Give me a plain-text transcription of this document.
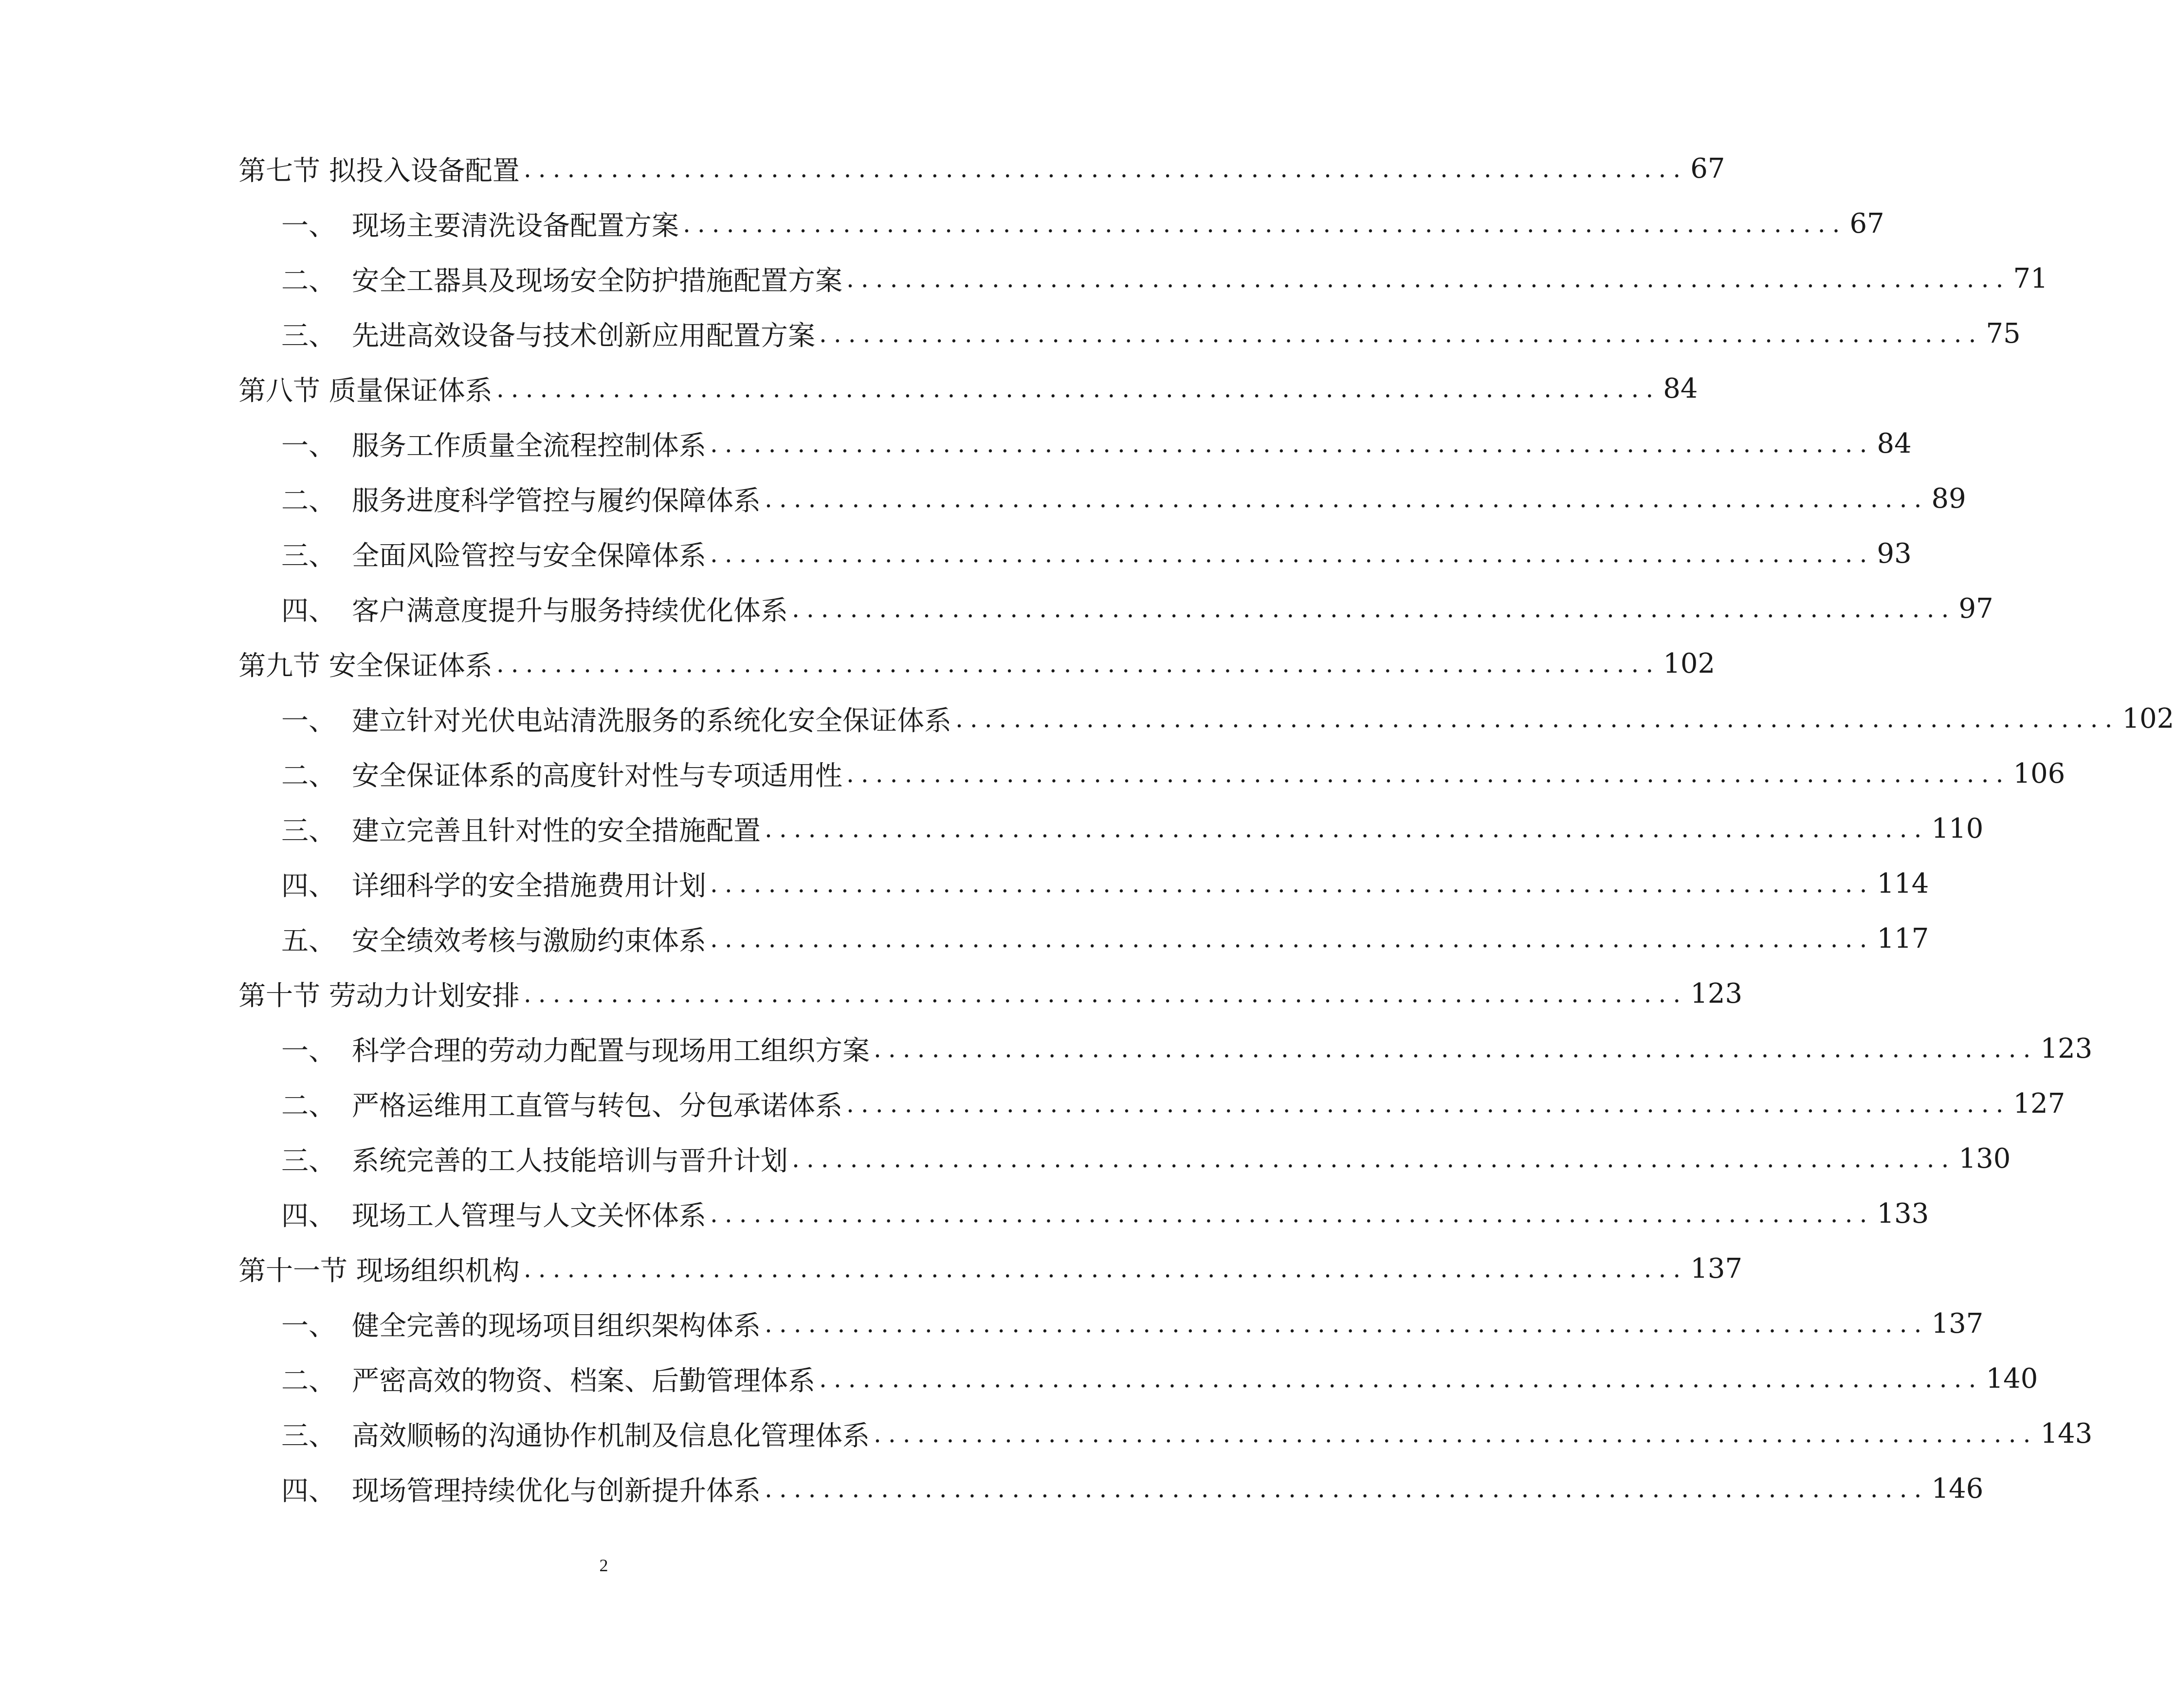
第七节 拟投入设备配置 ................................................................................ 67
一、 现场主要清洗设备配置方案 ................................................................................ 67
二、 安全工器具及现场安全防护措施配置方案 ................................................................................ 71
三、 先进高效设备与技术创新应用配置方案 ................................................................................ 75
第八节 质量保证体系 ................................................................................ 84
一、 服务工作质量全流程控制体系 ................................................................................ 84
二、 服务进度科学管控与履约保障体系 ................................................................................ 89
三、 全面风险管控与安全保障体系 ................................................................................ 93
四、 客户满意度提升与服务持续优化体系 ................................................................................ 97
第九节 安全保证体系 ................................................................................ 102
一、 建立针对光伏电站清洗服务的系统化安全保证体系 ................................................................................ 102
二、 安全保证体系的高度针对性与专项适用性 ................................................................................ 106
三、 建立完善且针对性的安全措施配置 ................................................................................ 110
四、 详细科学的安全措施费用计划 ................................................................................ 114
五、 安全绩效考核与激励约束体系 ................................................................................ 117
第十节 劳动力计划安排 ................................................................................ 123
一、 科学合理的劳动力配置与现场用工组织方案 ................................................................................ 123
二、 严格运维用工直管与转包、分包承诺体系 ................................................................................ 127
三、 系统完善的工人技能培训与晋升计划 ................................................................................ 130
四、 现场工人管理与人文关怀体系 ................................................................................ 133
第十一节 现场组织机构 ................................................................................ 137
一、 健全完善的现场项目组织架构体系 ................................................................................ 137
二、 严密高效的物资、档案、后勤管理体系 ................................................................................ 140
三、 高效顺畅的沟通协作机制及信息化管理体系 ................................................................................ 143
四、 现场管理持续优化与创新提升体系 ................................................................................ 146
2
